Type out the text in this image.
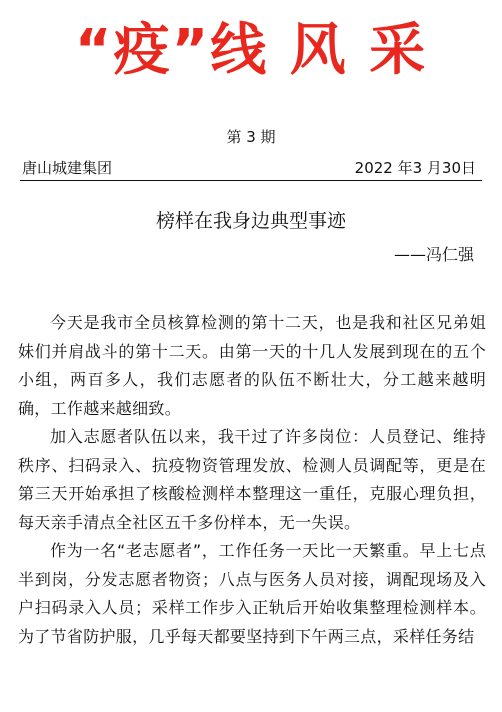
“疫”线 风 采
第 3 期
唐山城建集团	2022 年3 月30日
榜样在我身边典型事迹
——冯仁强

今天是我市全员核算检测的第十二天，也是我和社区兄弟姐妹们并肩战斗的第十二天。由第一天的十几人发展到现在的五个小组，两百多人，我们志愿者的队伍不断壮大，分工越来越明确，工作越来越细致。

加入志愿者队伍以来，我干过了许多岗位：人员登记、维持秩序、扫码录入、抗疫物资管理发放、检测人员调配等，更是在第三天开始承担了核酸检测样本整理这一重任，克服心理负担，每天亲手清点全社区五千多份样本，无一失误。

作为一名“老志愿者”，工作任务一天比一天繁重。早上七点半到岗，分发志愿者物资；八点与医务人员对接，调配现场及入户扫码录入人员；采样工作步入正轨后开始收集整理检测样本。为了节省防护服，几乎每天都要坚持到下午两三点，采样任务结
